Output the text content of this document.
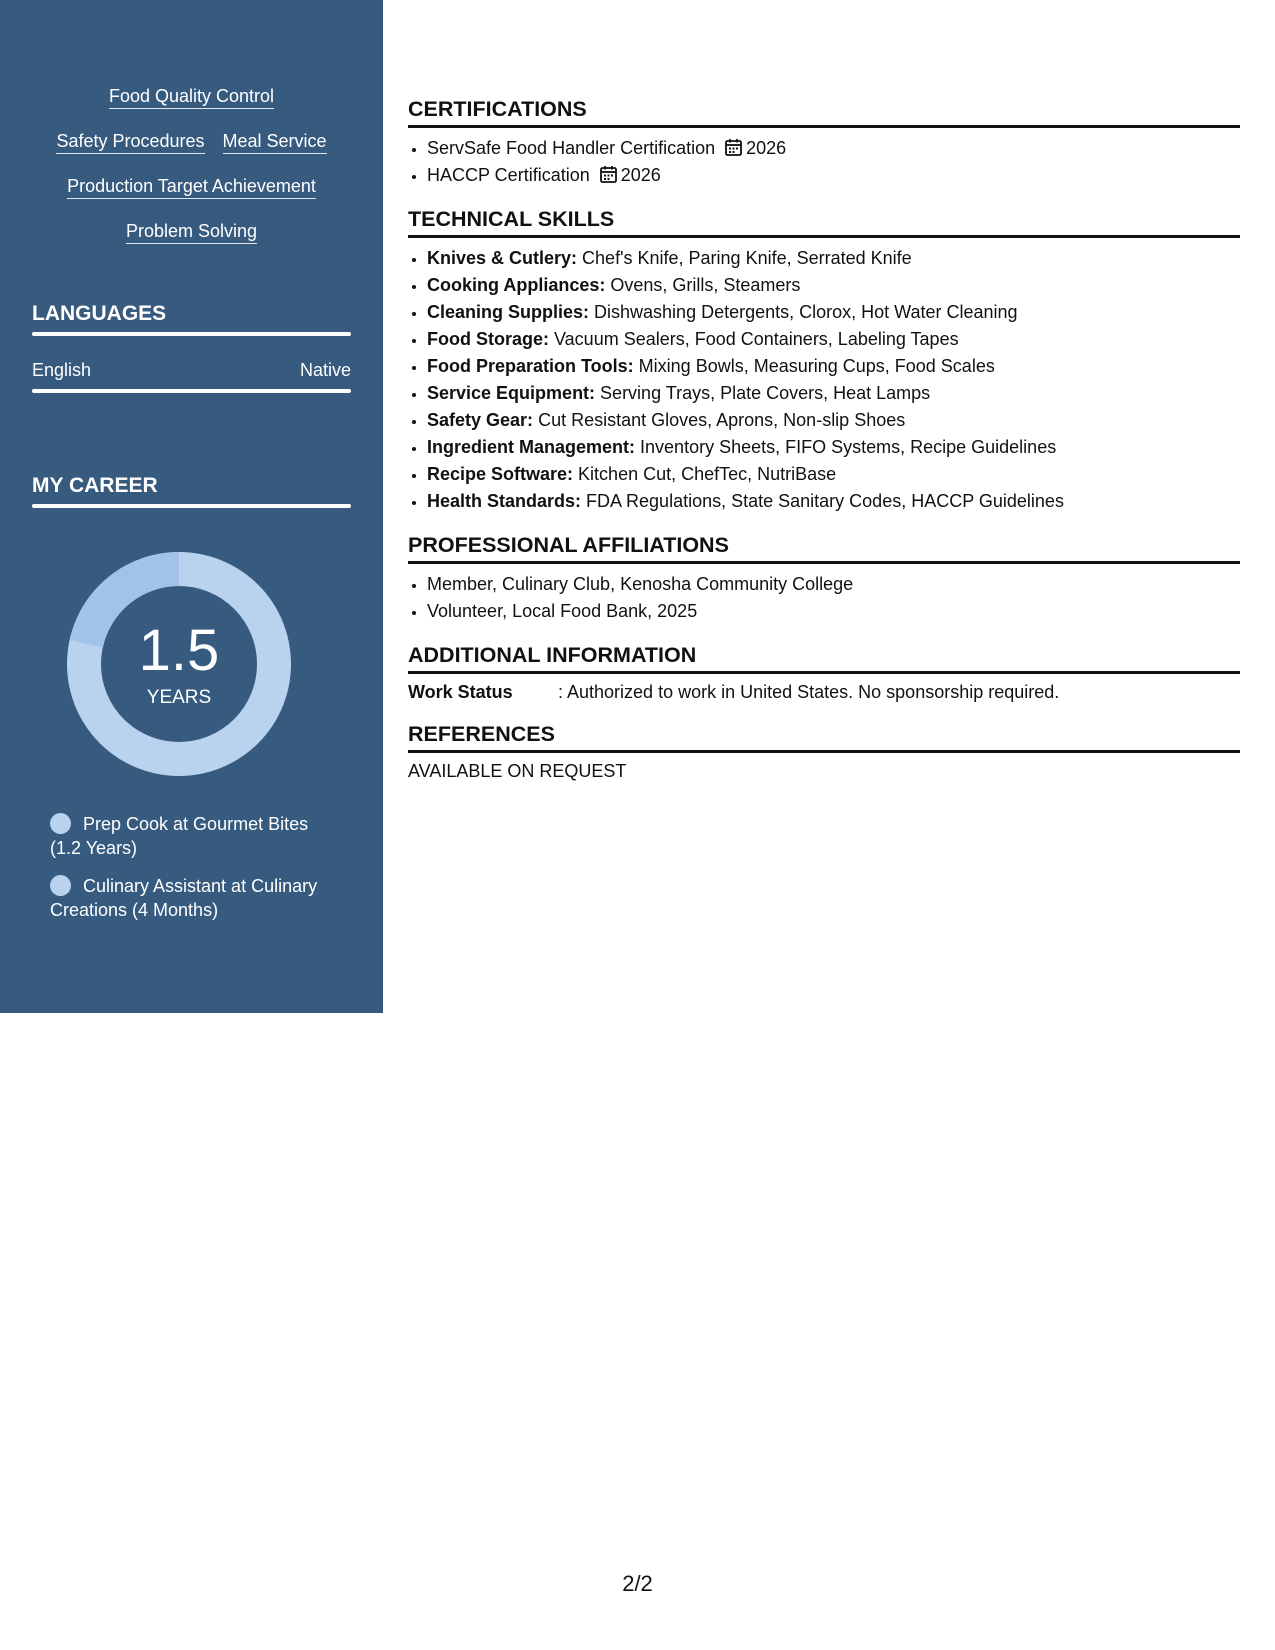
Food Quality Control
Safety Procedures Meal Service
Production Target Achievement
Problem Solving
LANGUAGES
English	Native
MY CAREER
1.5
YEARS
Prep Cook at Gourmet Bites (1.2 Years)
Culinary Assistant at Culinary Creations (4 Months)
CERTIFICATIONS
• ServSafe Food Handler Certification 2026
• HACCP Certification 2026
TECHNICAL SKILLS
• Knives & Cutlery: Chef's Knife, Paring Knife, Serrated Knife
• Cooking Appliances: Ovens, Grills, Steamers
• Cleaning Supplies: Dishwashing Detergents, Clorox, Hot Water Cleaning
• Food Storage: Vacuum Sealers, Food Containers, Labeling Tapes
• Food Preparation Tools: Mixing Bowls, Measuring Cups, Food Scales
• Service Equipment: Serving Trays, Plate Covers, Heat Lamps
• Safety Gear: Cut Resistant Gloves, Aprons, Non-slip Shoes
• Ingredient Management: Inventory Sheets, FIFO Systems, Recipe Guidelines
• Recipe Software: Kitchen Cut, ChefTec, NutriBase
• Health Standards: FDA Regulations, State Sanitary Codes, HACCP Guidelines
PROFESSIONAL AFFILIATIONS
• Member, Culinary Club, Kenosha Community College
• Volunteer, Local Food Bank, 2025
ADDITIONAL INFORMATION
Work Status	: Authorized to work in United States. No sponsorship required.
REFERENCES
AVAILABLE ON REQUEST
2/2
